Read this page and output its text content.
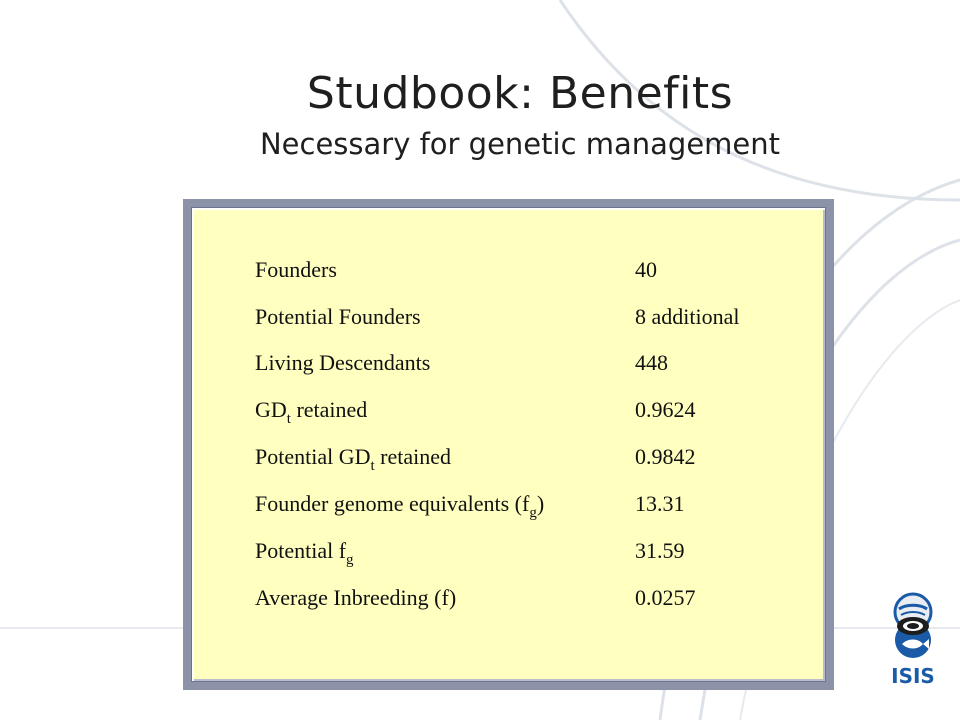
Studbook: Benefits
Necessary for genetic management
Founders	40
Potential Founders	8 additional
Living Descendants	448
$GD_t$ retained	0.9624
Potential $GD_t$ retained	0.9842
Founder genome equivalents $(f_g)$	13.31
Potential $f_g$	31.59
Average Inbreeding (f)	0.0257
ISIS
